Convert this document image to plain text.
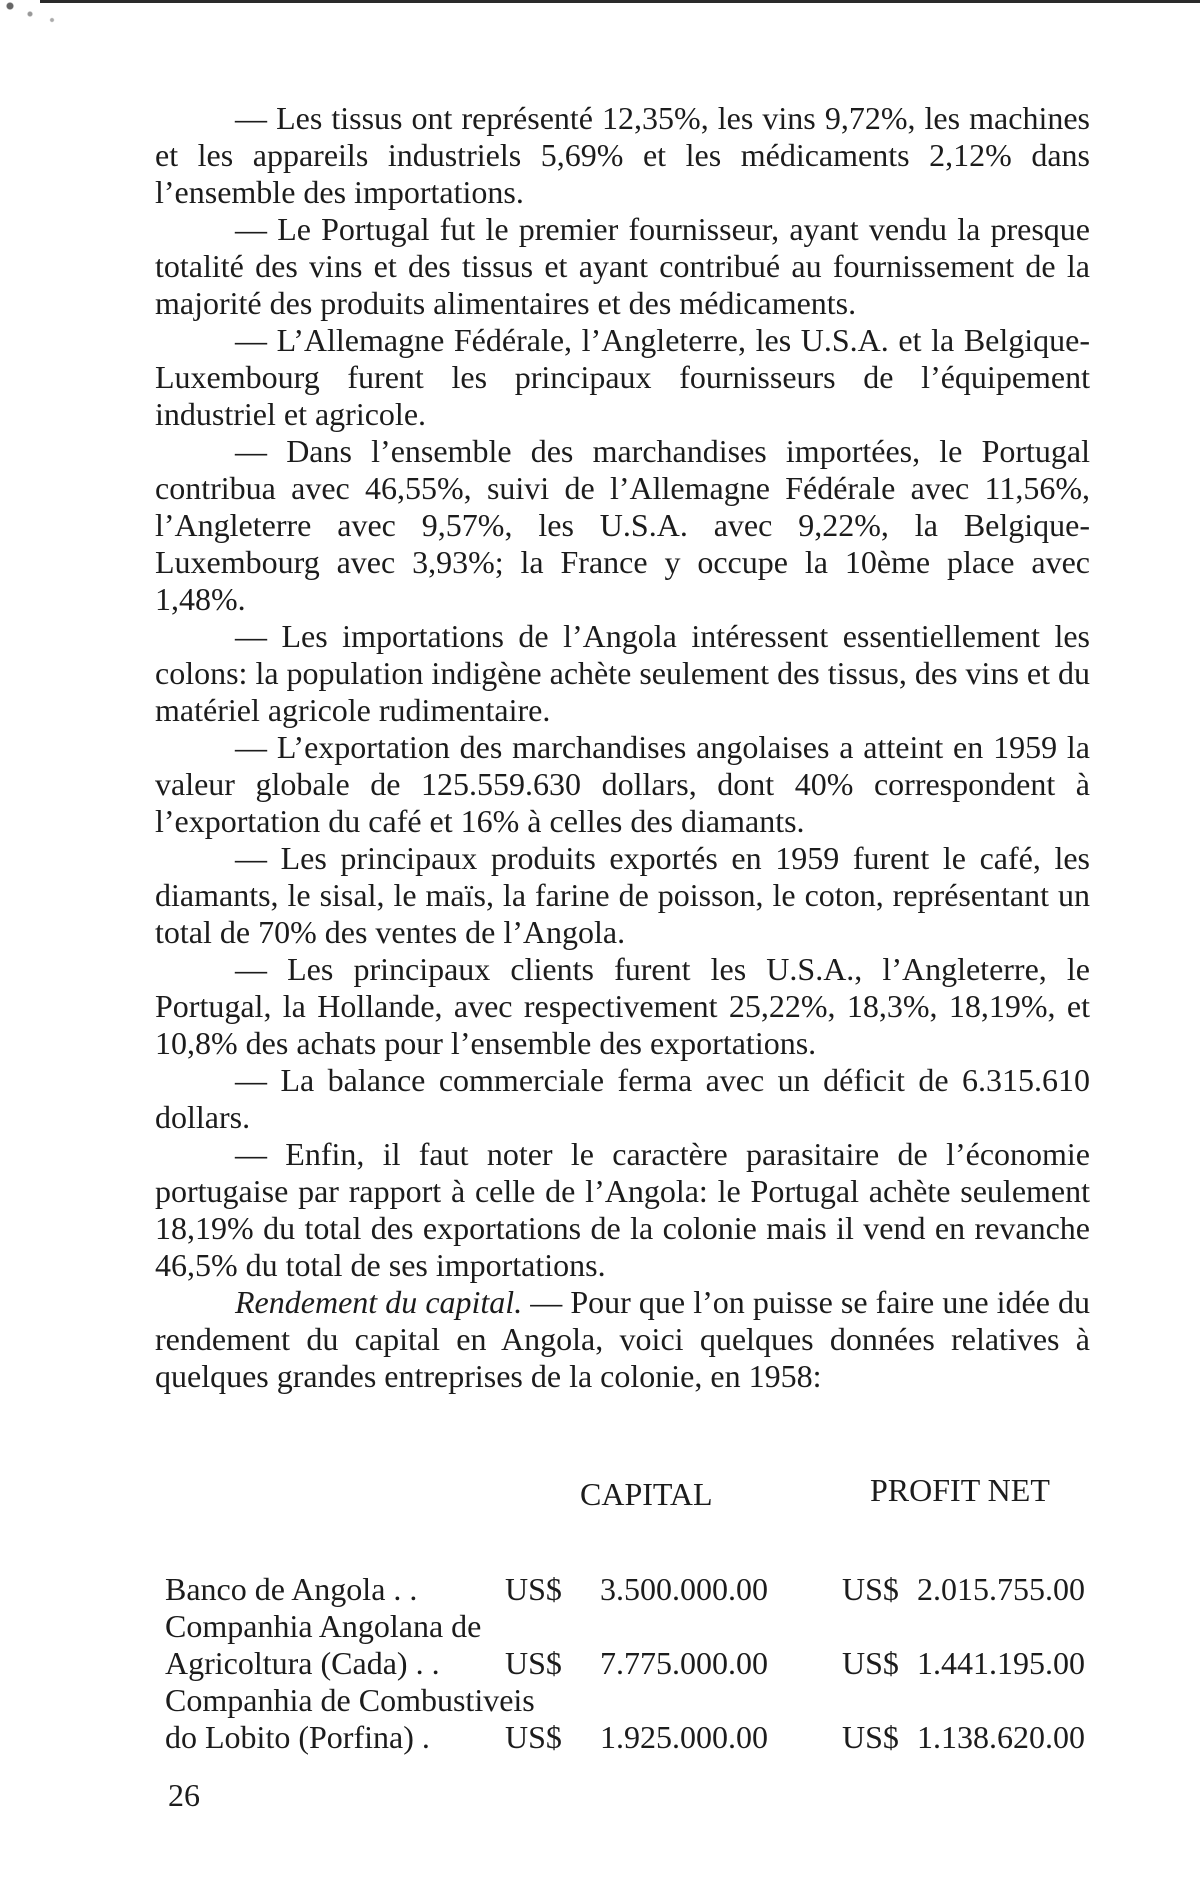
— Les tissus ont représenté 12,35%, les vins 9,72%, les machines et les appareils industriels 5,69% et les médicaments 2,12% dans l’ensemble des importations.

— Le Portugal fut le premier fournisseur, ayant vendu la presque totalité des vins et des tissus et ayant contribué au fournissement de la majorité des produits alimentaires et des médicaments.

— L’Allemagne Fédérale, l’Angleterre, les U.S.A. et la Belgique-Luxembourg furent les principaux fournisseurs de l’équipement industriel et agricole.

— Dans l’ensemble des marchandises importées, le Portugal contribua avec 46,55%, suivi de l’Allemagne Fédérale avec 11,56%, l’Angleterre avec 9,57%, les U.S.A. avec 9,22%, la Belgique-Luxembourg avec 3,93%; la France y occupe la 10ème place avec 1,48%.

— Les importations de l’Angola intéressent essentiellement les colons: la population indigène achète seulement des tissus, des vins et du matériel agricole rudimentaire.

— L’exportation des marchandises angolaises a atteint en 1959 la valeur globale de 125.559.630 dollars, dont 40% correspondent à l’exportation du café et 16% à celles des diamants.

— Les principaux produits exportés en 1959 furent le café, les diamants, le sisal, le maïs, la farine de poisson, le coton, représentant un total de 70% des ventes de l’Angola.

— Les principaux clients furent les U.S.A., l’Angleterre, le Portugal, la Hollande, avec respectivement 25,22%, 18,3%, 18,19%, et 10,8% des achats pour l’ensemble des exportations.

— La balance commerciale ferma avec un déficit de 6.315.610 dollars.

— Enfin, il faut noter le caractère parasitaire de l’économie portugaise par rapport à celle de l’Angola: le Portugal achète seulement 18,19% du total des exportations de la colonie mais il vend en revanche 46,5% du total de ses importations.

Rendement du capital. — Pour que l’on puisse se faire une idée du rendement du capital en Angola, voici quelques données relatives à quelques grandes entreprises de la colonie, en 1958:

CAPITAL	PROFIT NET
Banco de Angola . .	US$ 3.500.000.00 US$ 2.015.755.00
Companhia Angolana de
Agricoltura (Cada) . .	US$ 7.775.000.00 US$ 1.441.195.00
Companhia de Combustiveis
do Lobito (Porfina) .	US$ 1.925.000.00 US$ 1.138.620.00
26
